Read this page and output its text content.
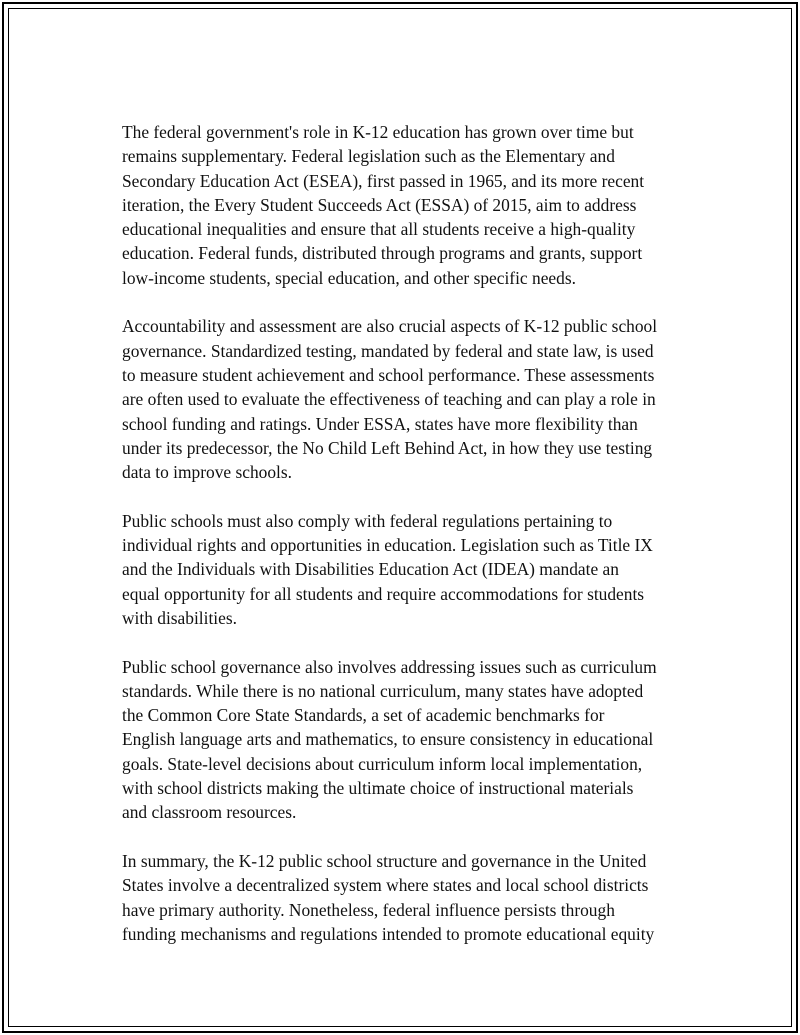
The federal government's role in K-12 education has grown over time but
remains supplementary. Federal legislation such as the Elementary and
Secondary Education Act (ESEA), first passed in 1965, and its more recent
iteration, the Every Student Succeeds Act (ESSA) of 2015, aim to address
educational inequalities and ensure that all students receive a high-quality
education. Federal funds, distributed through programs and grants, support
low-income students, special education, and other specific needs.

Accountability and assessment are also crucial aspects of K-12 public school
governance. Standardized testing, mandated by federal and state law, is used
to measure student achievement and school performance. These assessments
are often used to evaluate the effectiveness of teaching and can play a role in
school funding and ratings. Under ESSA, states have more flexibility than
under its predecessor, the No Child Left Behind Act, in how they use testing
data to improve schools.

Public schools must also comply with federal regulations pertaining to
individual rights and opportunities in education. Legislation such as Title IX
and the Individuals with Disabilities Education Act (IDEA) mandate an
equal opportunity for all students and require accommodations for students
with disabilities.

Public school governance also involves addressing issues such as curriculum
standards. While there is no national curriculum, many states have adopted
the Common Core State Standards, a set of academic benchmarks for
English language arts and mathematics, to ensure consistency in educational
goals. State-level decisions about curriculum inform local implementation,
with school districts making the ultimate choice of instructional materials
and classroom resources.

In summary, the K-12 public school structure and governance in the United
States involve a decentralized system where states and local school districts
have primary authority. Nonetheless, federal influence persists through
funding mechanisms and regulations intended to promote educational equity
